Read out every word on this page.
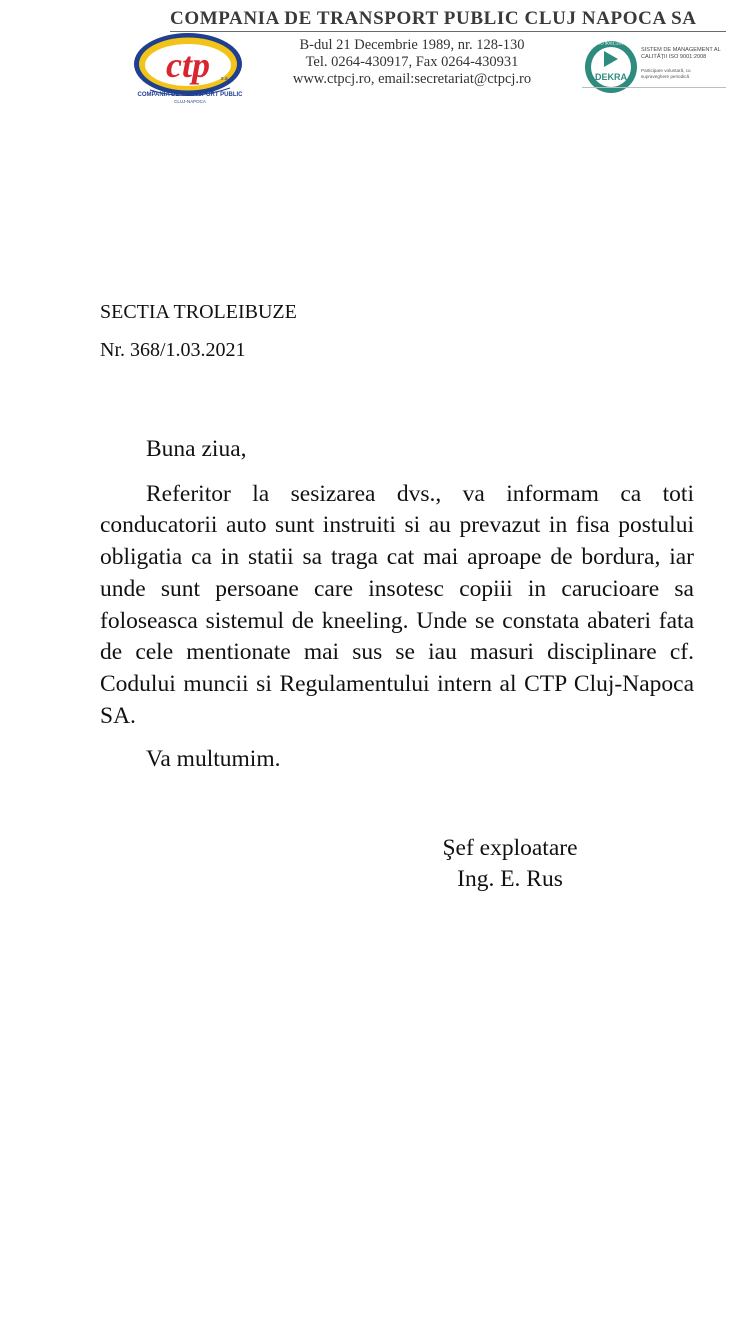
COMPANIA DE TRANSPORT PUBLIC CLUJ NAPOCA SA
ctp s.a.
COMPANIA DE TRANSPORT PUBLIC
CLUJ-NAPOCA
B-dul 21 Decembrie 1989, nr. 128-130
Tel. 0264-430917, Fax 0264-430931
www.ctpcj.ro, email:secretariat@ctpcj.ro
ISO 9001:2008
DEKRA
SISTEM DE MANAGEMENT AL
CALITĂȚII ISO 9001:2008
Participare voluntară, cu
supraveghere periodică
SECTIA TROLEIBUZE
Nr. 368/1.03.2021

Buna ziua,

Referitor la sesizarea dvs., va informam ca toti conducatorii auto sunt instruiti si au prevazut in fisa postului obligatia ca in statii sa traga cat mai aproape de bordura, iar unde sunt persoane care insotesc copiii in carucioare sa foloseasca sistemul de kneeling. Unde se constata abateri fata de cele mentionate mai sus se iau masuri disciplinare cf. Codului muncii si Regulamentului intern al CTP Cluj-Napoca SA.

Va multumim.

Şef exploatare
Ing. E. Rus
